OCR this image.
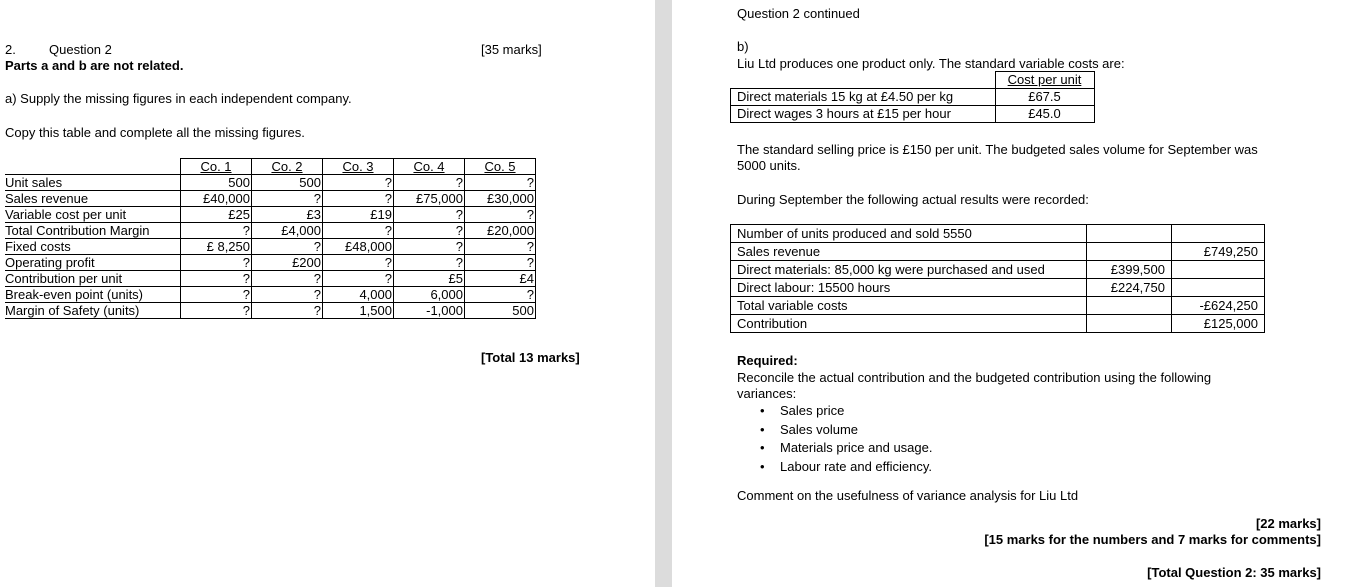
2.	Question 2	[35 marks]
Parts a and b are not related.
a) Supply the missing figures in each independent company.
Copy this table and complete all the missing figures.
	Co. 1	Co. 2	Co. 3	Co. 4	Co. 5
Unit sales	500	500	?	?	?
Sales revenue	£40,000	?	?	£75,000	£30,000
Variable cost per unit	£25	£3	£19	?	?
Total Contribution Margin	?	£4,000	?	?	£20,000
Fixed costs	£ 8,250	?	£48,000	?	?
Operating profit	?	£200	?	?	?
Contribution per unit	?	?	?	£5	£4
Break-even point (units)	?	?	4,000	6,000	?
Margin of Safety (units)	?	?	1,500	-1,000	500
[Total 13 marks]
Question 2 continued
b)
Liu Ltd produces one product only. The standard variable costs are:
	Cost per unit
Direct materials 15 kg at £4.50 per kg	£67.5
Direct wages 3 hours at £15 per hour	£45.0
The standard selling price is £150 per unit. The budgeted sales volume for September was
5000 units.
During September the following actual results were recorded:
Number of units produced and sold 5550		
Sales revenue		£749,250
Direct materials: 85,000 kg were purchased and used	£399,500	
Direct labour: 15500 hours	£224,750	
Total variable costs		-£624,250
Contribution		£125,000
Required:
Reconcile the actual contribution and the budgeted contribution using the following
variances:
• Sales price
• Sales volume
• Materials price and usage.
• Labour rate and efficiency.
Comment on the usefulness of variance analysis for Liu Ltd
[22 marks]
[15 marks for the numbers and 7 marks for comments]
[Total Question 2: 35 marks]
